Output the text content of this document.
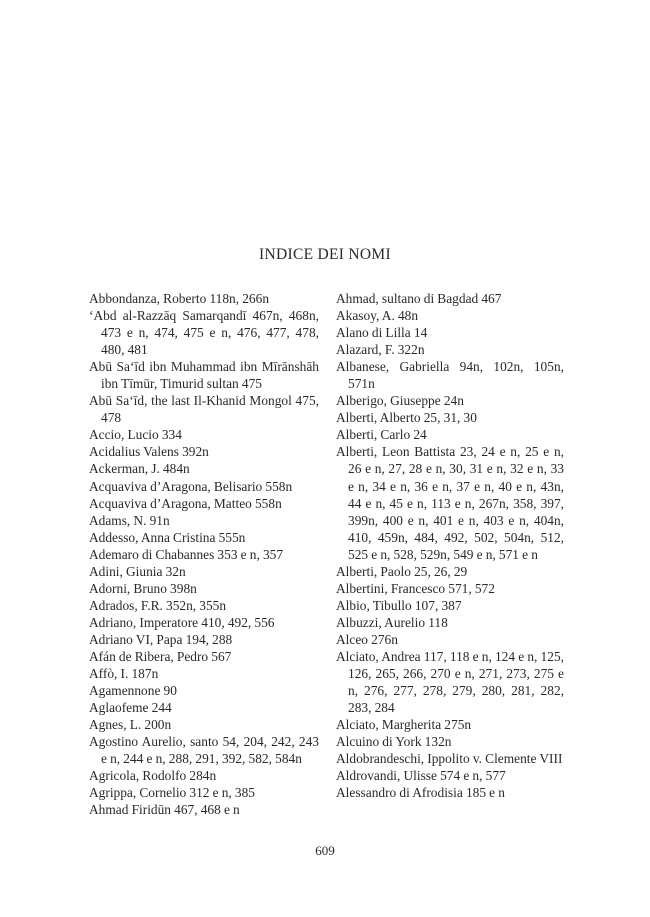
INDICE DEI NOMI
Abbondanza, Roberto 118n, 266n
ʻAbd al-Razzāq Samarqandī 467n, 468n, 473 e n, 474, 475 e n, 476, 477, 478, 480, 481
Abū Saʻīd ibn Muhammad ibn Mīrānshāh ibn Tīmūr, Timurid sultan 475
Abū Saʻīd, the last Il-Khanid Mongol 475, 478
Accio, Lucio 334
Acidalius Valens 392n
Ackerman, J. 484n
Acquaviva d’Aragona, Belisario 558n
Acquaviva d’Aragona, Matteo 558n
Adams, N. 91n
Addesso, Anna Cristina 555n
Ademaro di Chabannes 353 e n, 357
Adini, Giunia 32n
Adorni, Bruno 398n
Adrados, F.R. 352n, 355n
Adriano, Imperatore 410, 492, 556
Adriano VI, Papa 194, 288
Afán de Ribera, Pedro 567
Affò, I. 187n
Agamennone 90
Aglaofeme 244
Agnes, L. 200n
Agostino Aurelio, santo 54, 204, 242, 243 e n, 244 e n, 288, 291, 392, 582, 584n
Agricola, Rodolfo 284n
Agrippa, Cornelio 312 e n, 385
Ahmad Firidūn 467, 468 e n
Ahmad, sultano di Bagdad 467
Akasoy, A. 48n
Alano di Lilla 14
Alazard, F. 322n
Albanese, Gabriella 94n, 102n, 105n, 571n
Alberigo, Giuseppe 24n
Alberti, Alberto 25, 31, 30
Alberti, Carlo 24
Alberti, Leon Battista 23, 24 e n, 25 e n, 26 e n, 27, 28 e n, 30, 31 e n, 32 e n, 33 e n, 34 e n, 36 e n, 37 e n, 40 e n, 43n, 44 e n, 45 e n, 113 e n, 267n, 358, 397, 399n, 400 e n, 401 e n, 403 e n, 404n, 410, 459n, 484, 492, 502, 504n, 512, 525 e n, 528, 529n, 549 e n, 571 e n
Alberti, Paolo 25, 26, 29
Albertini, Francesco 571, 572
Albio, Tibullo 107, 387
Albuzzi, Aurelio 118
Alceo 276n
Alciato, Andrea 117, 118 e n, 124 e n, 125, 126, 265, 266, 270 e n, 271, 273, 275 e n, 276, 277, 278, 279, 280, 281, 282, 283, 284
Alciato, Margherita 275n
Alcuino di York 132n
Aldobrandeschi, Ippolito v. Clemente VIII
Aldrovandi, Ulisse 574 e n, 577
Alessandro di Afrodisia 185 e n
609
